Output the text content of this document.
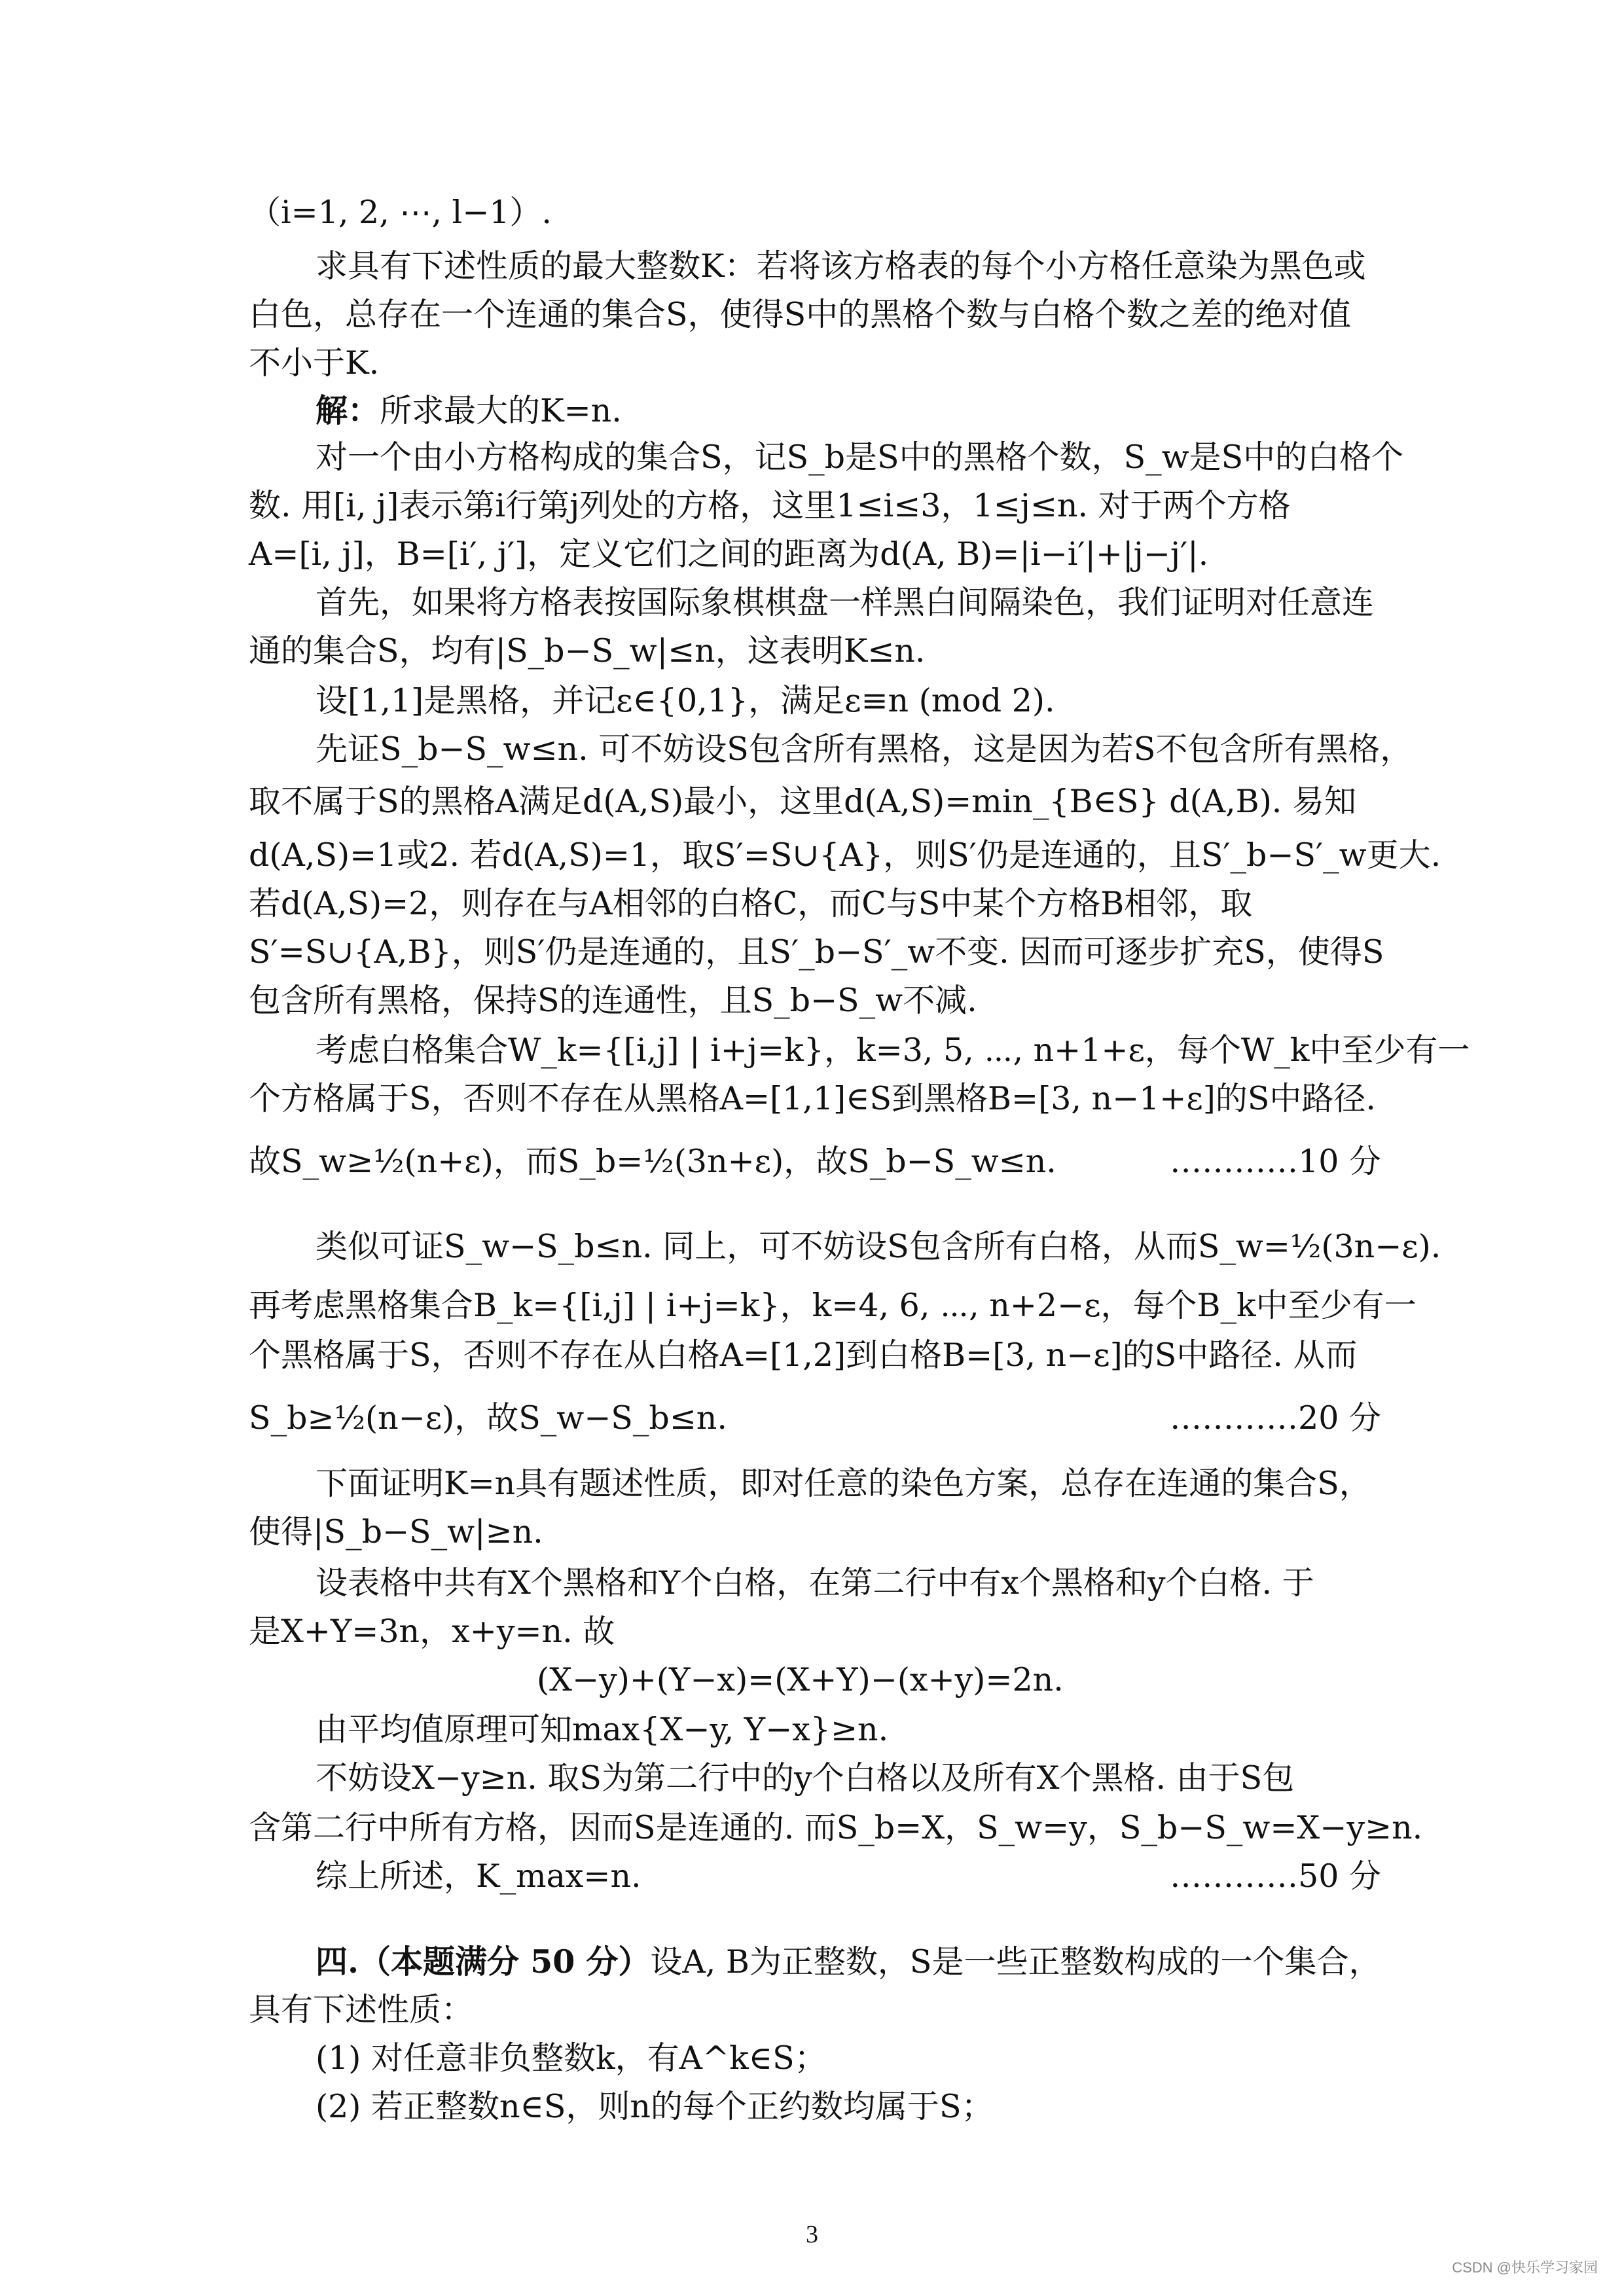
（i=1, 2, ⋯, l−1）.
求具有下述性质的最大整数K：若将该方格表的每个小方格任意染为黑色或
白色，总存在一个连通的集合S，使得S中的黑格个数与白格个数之差的绝对值
不小于K.
解：所求最大的K=n.
对一个由小方格构成的集合S，记S_b是S中的黑格个数，S_w是S中的白格个
数. 用[i, j]表示第i行第j列处的方格，这里1≤i≤3，1≤j≤n. 对于两个方格
A=[i, j]，B=[i′, j′]，定义它们之间的距离为d(A, B)=|i−i′|+|j−j′|.
首先，如果将方格表按国际象棋棋盘一样黑白间隔染色，我们证明对任意连
通的集合S，均有|S_b−S_w|≤n，这表明K≤n.
设[1,1]是黑格，并记ε∈{0,1}，满足ε≡n (mod 2).
先证S_b−S_w≤n. 可不妨设S包含所有黑格，这是因为若S不包含所有黑格，
取不属于S的黑格A满足d(A,S)最小，这里d(A,S)=min_{B∈S} d(A,B). 易知
d(A,S)=1或2. 若d(A,S)=1，取S′=S∪{A}，则S′仍是连通的，且S′_b−S′_w更大.
若d(A,S)=2，则存在与A相邻的白格C，而C与S中某个方格B相邻，取
S′=S∪{A,B}，则S′仍是连通的，且S′_b−S′_w不变. 因而可逐步扩充S，使得S
包含所有黑格，保持S的连通性，且S_b−S_w不减.
考虑白格集合W_k={[i,j] | i+j=k}，k=3, 5, ⋯, n+1+ε，每个W_k中至少有一
个方格属于S，否则不存在从黑格A=[1,1]∈S到黑格B=[3, n−1+ε]的S中路径.
故S_w≥½(n+ε)，而S_b=½(3n+ε)，故S_b−S_w≤n.	…………10 分
类似可证S_w−S_b≤n. 同上，可不妨设S包含所有白格，从而S_w=½(3n−ε).
再考虑黑格集合B_k={[i,j] | i+j=k}，k=4, 6, ⋯, n+2−ε，每个B_k中至少有一
个黑格属于S，否则不存在从白格A=[1,2]到白格B=[3, n−ε]的S中路径. 从而
S_b≥½(n−ε)，故S_w−S_b≤n.	…………20 分
下面证明K=n具有题述性质，即对任意的染色方案，总存在连通的集合S，
使得|S_b−S_w|≥n.
设表格中共有X个黑格和Y个白格，在第二行中有x个黑格和y个白格. 于
是X+Y=3n，x+y=n. 故
(X−y)+(Y−x)=(X+Y)−(x+y)=2n.
由平均值原理可知max{X−y, Y−x}≥n.
不妨设X−y≥n. 取S为第二行中的y个白格以及所有X个黑格. 由于S包
含第二行中所有方格，因而S是连通的. 而S_b=X，S_w=y，S_b−S_w=X−y≥n.
综上所述，K_max=n.	…………50 分
四.（本题满分 50 分）设A, B为正整数，S是一些正整数构成的一个集合，
具有下述性质：
(1) 对任意非负整数k，有A^k∈S；
(2) 若正整数n∈S，则n的每个正约数均属于S；
3
CSDN @快乐学习家园
